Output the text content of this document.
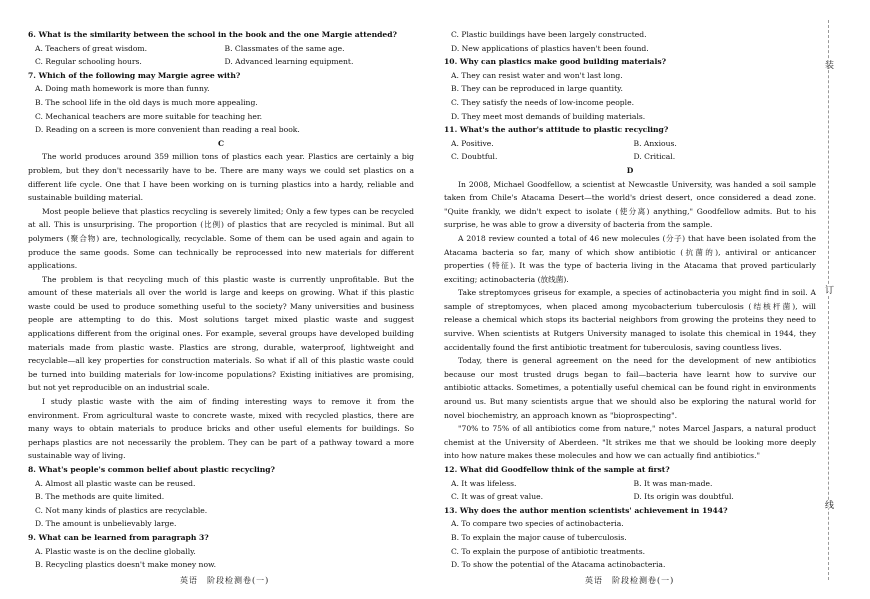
6. What is the similarity between the school in the book and the one Margie attended?

A. Teachers of great wisdom.	B. Classmates of the same age.

C. Regular schooling hours.	D. Advanced learning equipment.

7. Which of the following may Margie agree with?

A. Doing math homework is more than funny.

B. The school life in the old days is much more appealing.

C. Mechanical teachers are more suitable for teaching her.

D. Reading on a screen is more convenient than reading a real book.

C

The world produces around 359 million tons of plastics each year. Plastics are certainly a big problem, but they don't necessarily have to be. There are many ways we could set plastics on a different life cycle. One that I have been working on is turning plastics into a hardy, reliable and sustainable building material.

Most people believe that plastics recycling is severely limited; Only a few types can be recycled at all. This is unsurprising. The proportion (比例) of plastics that are recycled is minimal. But all polymers (聚合物) are, technologically, recyclable. Some of them can be used again and again to produce the same goods. Some can technically be reprocessed into new materials for different applications.

The problem is that recycling much of this plastic waste is currently unprofitable. But the amount of these materials all over the world is large and keeps on growing. What if this plastic waste could be used to produce something useful to the society? Many universities and business people are attempting to do this. Most solutions target mixed plastic waste and suggest applications different from the original ones. For example, several groups have developed building materials made from plastic waste. Plastics are strong, durable, waterproof, lightweight and recyclable—all key properties for construction materials. So what if all of this plastic waste could be turned into building materials for low-income populations? Existing initiatives are promising, but not yet reproducible on an industrial scale.

I study plastic waste with the aim of finding interesting ways to remove it from the environment. From agricultural waste to concrete waste, mixed with recycled plastics, there are many ways to obtain materials to produce bricks and other useful elements for buildings. So perhaps plastics are not necessarily the problem. They can be part of a pathway toward a more sustainable way of living.

8. What's people's common belief about plastic recycling?

A. Almost all plastic waste can be reused.

B. The methods are quite limited.

C. Not many kinds of plastics are recyclable.

D. The amount is unbelievably large.

9. What can be learned from paragraph 3?

A. Plastic waste is on the decline globally.

B. Recycling plastics doesn't make money now.

英语　阶段检测卷(一)

C. Plastic buildings have been largely constructed.

D. New applications of plastics haven't been found.

10. Why can plastics make good building materials?

A. They can resist water and won't last long.

B. They can be reproduced in large quantity.

C. They satisfy the needs of low-income people.

D. They meet most demands of building materials.

11. What's the author's attitude to plastic recycling?

A. Positive.	B. Anxious.

C. Doubtful.	D. Critical.

D

In 2008, Michael Goodfellow, a scientist at Newcastle University, was handed a soil sample taken from Chile's Atacama Desert—the world's driest desert, once considered a dead zone. "Quite frankly, we didn't expect to isolate (使分离) anything," Goodfellow admits. But to his surprise, he was able to grow a diversity of bacteria from the sample.

A 2018 review counted a total of 46 new molecules (分子) that have been isolated from the Atacama bacteria so far, many of which show antibiotic (抗菌的), antiviral or anticancer properties (特征). It was the type of bacteria living in the Atacama that proved particularly exciting; actinobacteria (放线菌).

Take streptomyces griseus for example, a species of actinobacteria you might find in soil. A sample of streptomyces, when placed among mycobacterium tuberculosis (结核杆菌), will release a chemical which stops its bacterial neighbors from growing the proteins they need to survive. When scientists at Rutgers University managed to isolate this chemical in 1944, they accidentally found the first antibiotic treatment for tuberculosis, saving countless lives.

Today, there is general agreement on the need for the development of new antibiotics because our most trusted drugs began to fail—bacteria have learnt how to survive our antibiotic attacks. Sometimes, a potentially useful chemical can be found right in environments around us. But many scientists argue that we should also be exploring the natural world for novel biochemistry, an approach known as "bioprospecting".

"70% to 75% of all antibiotics come from nature," notes Marcel Jaspars, a natural product chemist at the University of Aberdeen. "It strikes me that we should be looking more deeply into how nature makes these molecules and how we can actually find antibiotics."

12. What did Goodfellow think of the sample at first?

A. It was lifeless.	B. It was man-made.

C. It was of great value.	D. Its origin was doubtful.

13. Why does the author mention scientists' achievement in 1944?

A. To compare two species of actinobacteria.

B. To explain the major cause of tuberculosis.

C. To explain the purpose of antibiotic treatments.

D. To show the potential of the Atacama actinobacteria.

英语　阶段检测卷(一)
装
订
线
